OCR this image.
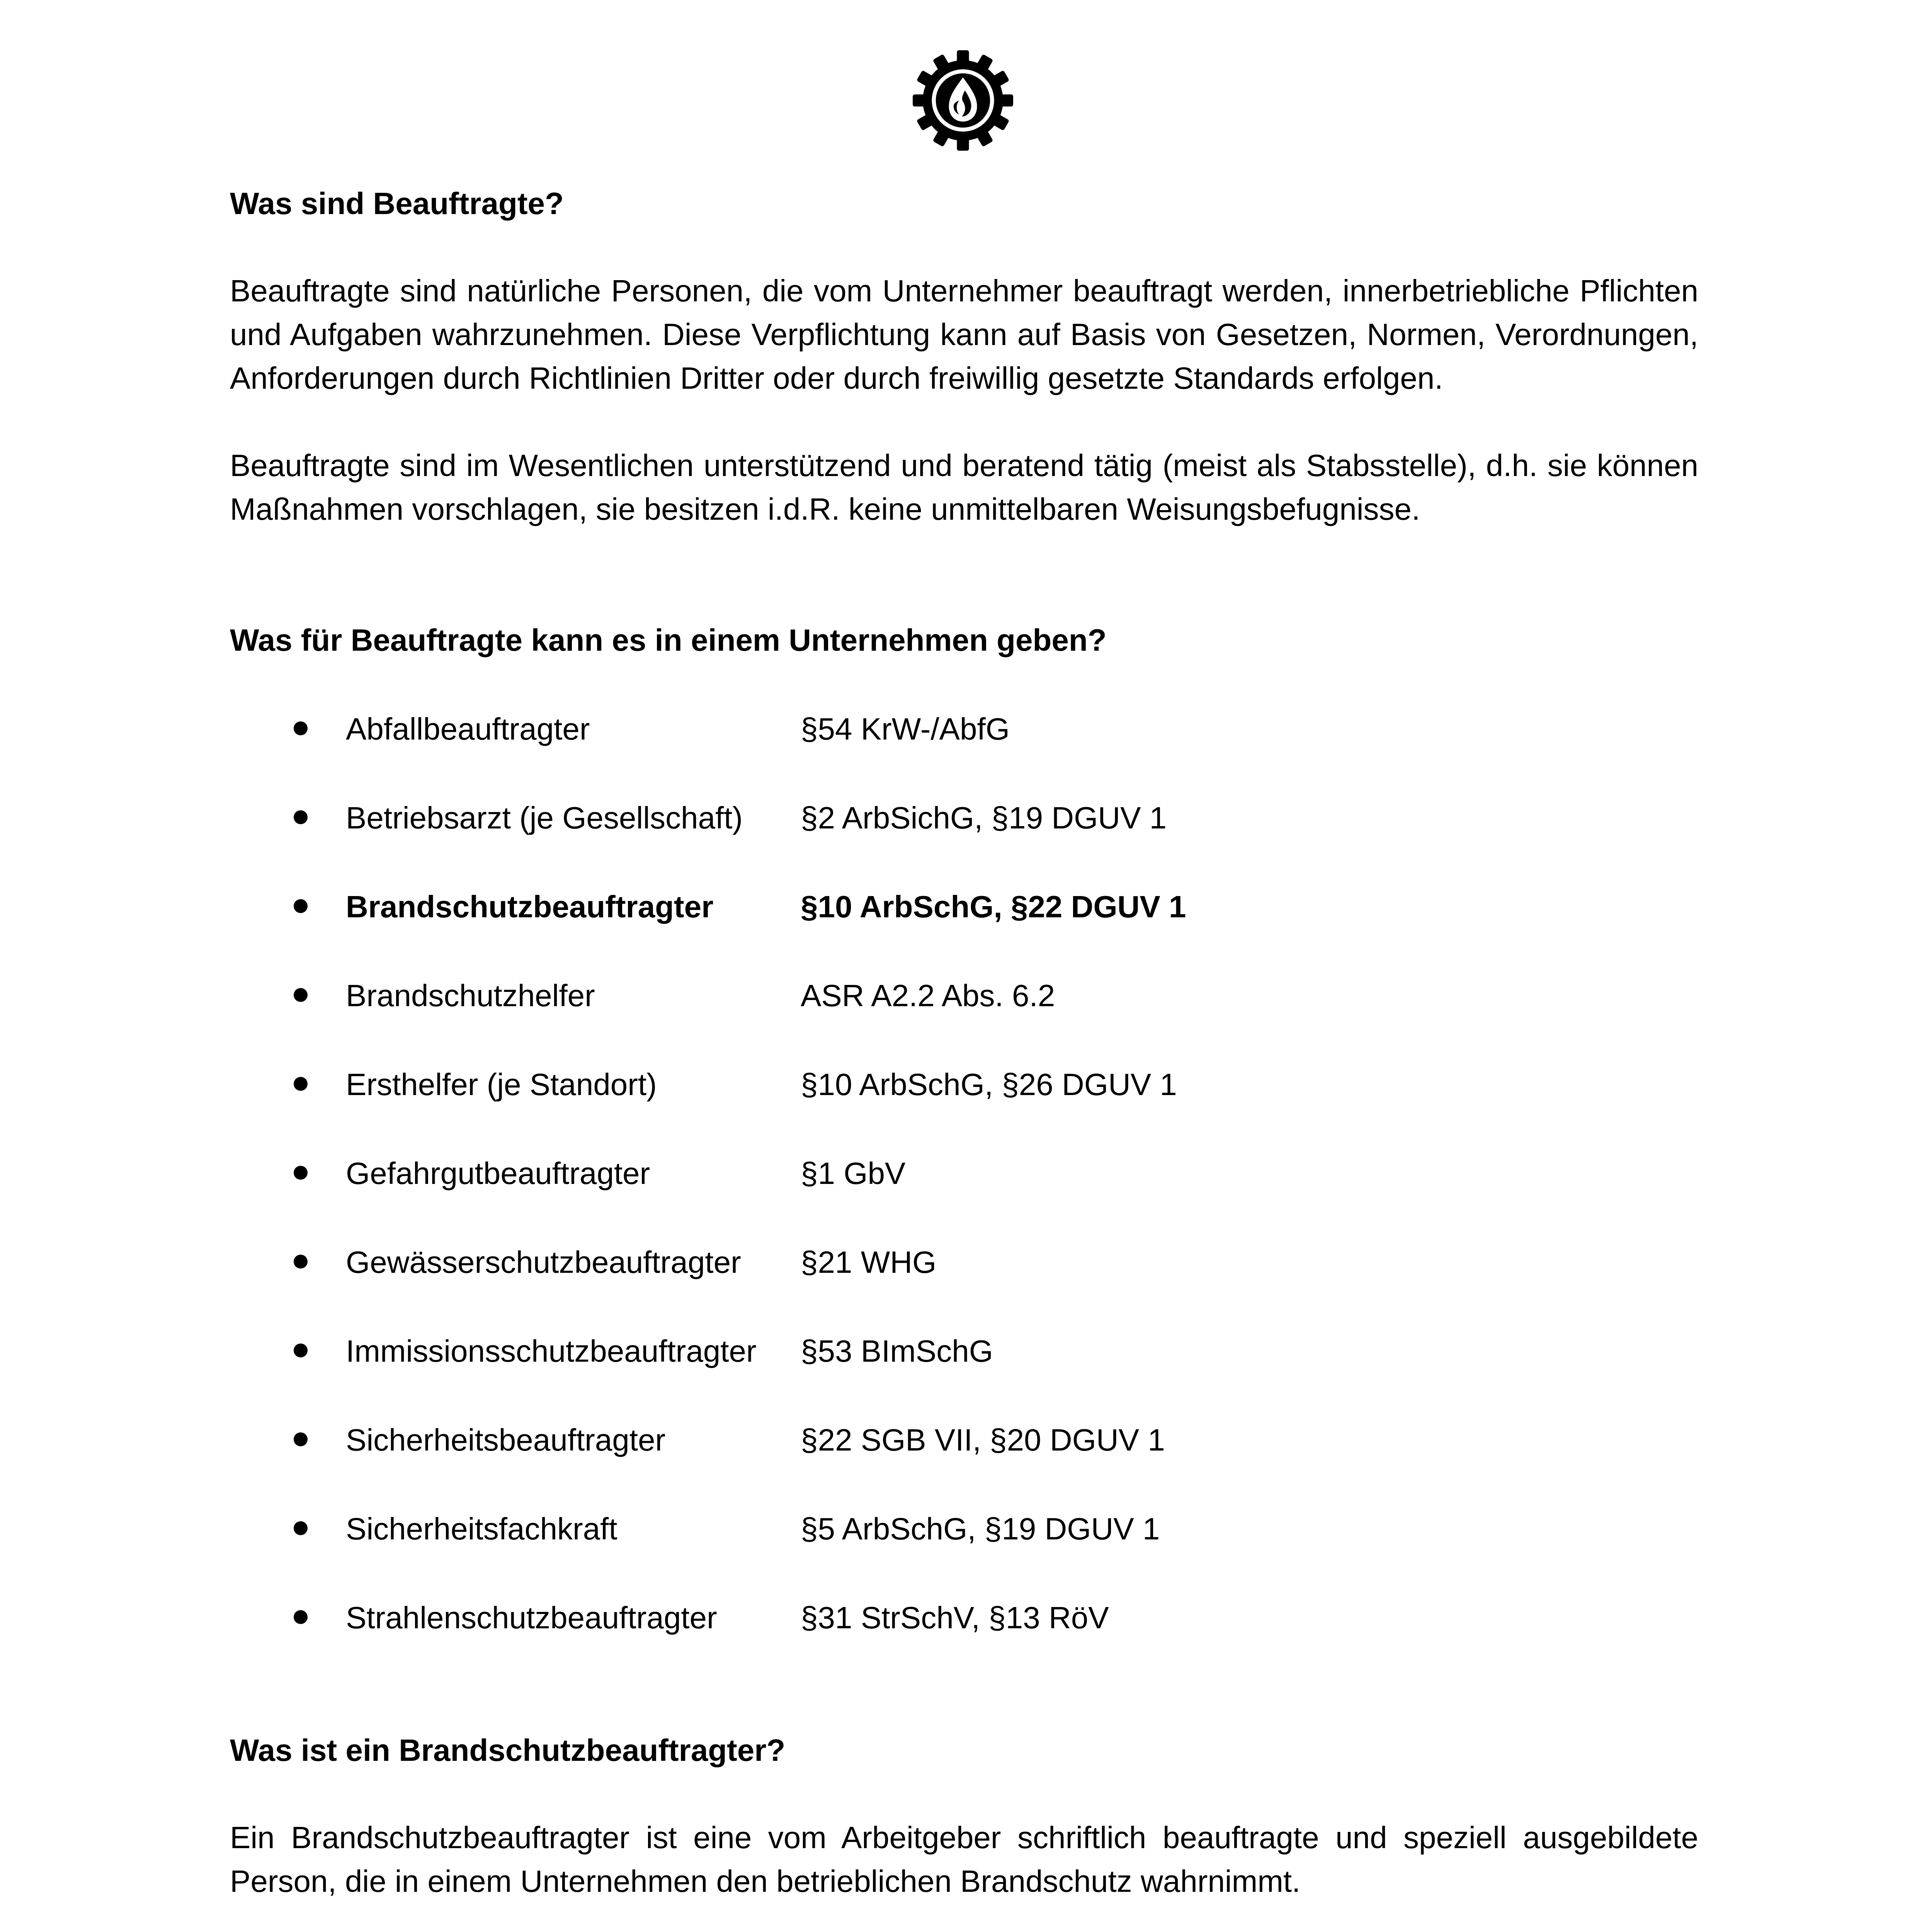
Was sind Beauftragte?

Beauftragte sind natürliche Personen, die vom Unternehmer beauftragt werden, innerbetriebliche Pflichten und Aufgaben wahrzunehmen. Diese Verpflichtung kann auf Basis von Gesetzen, Normen, Verordnungen, Anforderungen durch Richtlinien Dritter oder durch freiwillig gesetzte Standards erfolgen.

Beauftragte sind im Wesentlichen unterstützend und beratend tätig (meist als Stabsstelle), d.h. sie können Maßnahmen vorschlagen, sie besitzen i.d.R. keine unmittelbaren Weisungsbefugnisse.

Was für Beauftragte kann es in einem Unternehmen geben?

Abfallbeauftragter	§54 KrW-/AbfG
Betriebsarzt (je Gesellschaft) §2 ArbSichG, §19 DGUV 1
Brandschutzbeauftragter	§10 ArbSchG, §22 DGUV 1
Brandschutzhelfer	ASR A2.2 Abs. 6.2
Ersthelfer (je Standort)	§10 ArbSchG, §26 DGUV 1
Gefahrgutbeauftragter	§1 GbV
Gewässerschutzbeauftragter §21 WHG
Immissionsschutzbeauftragter §53 BImSchG
Sicherheitsbeauftragter	§22 SGB VII, §20 DGUV 1
Sicherheitsfachkraft	§5 ArbSchG, §19 DGUV 1
Strahlenschutzbeauftragter	§31 StrSchV, §13 RöV

Was ist ein Brandschutzbeauftragter?

Ein Brandschutzbeauftragter ist eine vom Arbeitgeber schriftlich beauftragte und speziell ausgebildete Person, die in einem Unternehmen den betrieblichen Brandschutz wahrnimmt.
